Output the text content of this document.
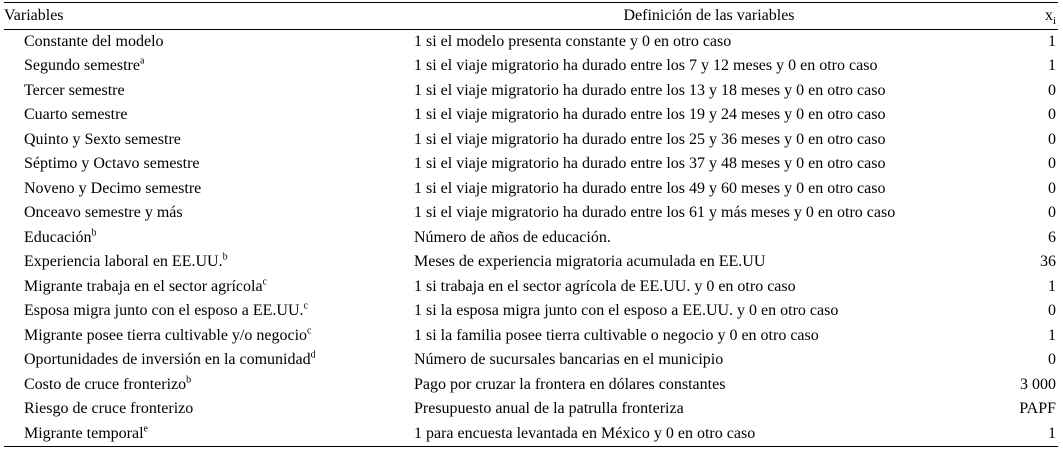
Variables	Definición de las variables	$x_i$
Constante del modelo	1 si el modelo presenta constante y 0 en otro caso	1
Segundo semestre$^a$	1 si el viaje migratorio ha durado entre los 7 y 12 meses y 0 en otro caso	1
Tercer semestre	1 si el viaje migratorio ha durado entre los 13 y 18 meses y 0 en otro caso	0
Cuarto semestre	1 si el viaje migratorio ha durado entre los 19 y 24 meses y 0 en otro caso	0
Quinto y Sexto semestre	1 si el viaje migratorio ha durado entre los 25 y 36 meses y 0 en otro caso	0
Séptimo y Octavo semestre	1 si el viaje migratorio ha durado entre los 37 y 48 meses y 0 en otro caso	0
Noveno y Decimo semestre	1 si el viaje migratorio ha durado entre los 49 y 60 meses y 0 en otro caso	0
Onceavo semestre y más	1 si el viaje migratorio ha durado entre los 61 y más meses y 0 en otro caso	0
Educación$^b$	Número de años de educación.	6
Experiencia laboral en EE.UU.$^b$	Meses de experiencia migratoria acumulada en EE.UU	36
Migrante trabaja en el sector agrícola$^c$	1 si trabaja en el sector agrícola de EE.UU. y 0 en otro caso	1
Esposa migra junto con el esposo a EE.UU.$^c$	1 si la esposa migra junto con el esposo a EE.UU. y 0 en otro caso	0
Migrante posee tierra cultivable y/o negocio$^c$	1 si la familia posee tierra cultivable o negocio y 0 en otro caso	1
Oportunidades de inversión en la comunidad$^d$	Número de sucursales bancarias en el municipio	0
Costo de cruce fronterizo$^b$	Pago por cruzar la frontera en dólares constantes	3 000
Riesgo de cruce fronterizo	Presupuesto anual de la patrulla fronteriza	PAPF
Migrante temporal$^e$	1 para encuesta levantada en México y 0 en otro caso	1
